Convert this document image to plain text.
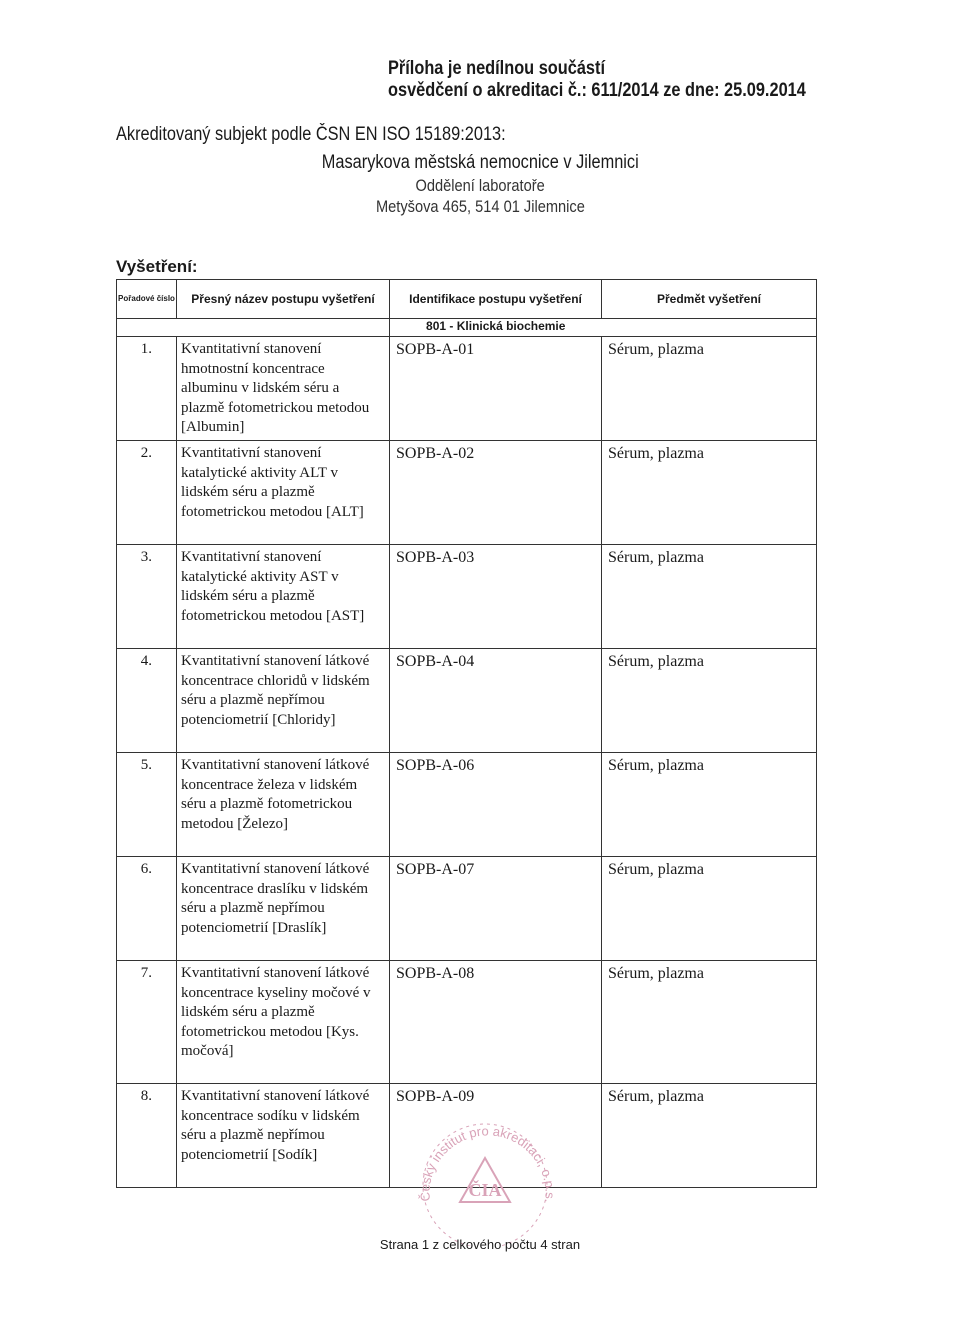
Příloha je nedílnou součástí
osvědčení o akreditaci č.: 611/2014 ze dne: 25.09.2014
Akreditovaný subjekt podle ČSN EN ISO 15189:2013:
Masarykova městská nemocnice v Jilemnici
Oddělení laboratoře
Metyšova 465, 514 01 Jilemnice
Vyšetření:
Pořadové číslo	Přesný název postupu vyšetření	Identifikace postupu vyšetření	Předmět vyšetření
		801 - Klinická biochemie	
1.	Kvantitativní stanovení hmotnostní koncentrace albuminu v lidském séru a plazmě fotometrickou metodou [Albumin]	SOPB-A-01	Sérum, plazma
2.	Kvantitativní stanovení katalytické aktivity ALT v lidském séru a plazmě fotometrickou metodou [ALT]	SOPB-A-02	Sérum, plazma
3.	Kvantitativní stanovení katalytické aktivity AST v lidském séru a plazmě fotometrickou metodou [AST]	SOPB-A-03	Sérum, plazma
4.	Kvantitativní stanovení látkové koncentrace chloridů v lidském séru a plazmě nepřímou potenciometrií [Chloridy]	SOPB-A-04	Sérum, plazma
5.	Kvantitativní stanovení látkové koncentrace železa v lidském séru a plazmě fotometrickou metodou [Železo]	SOPB-A-06	Sérum, plazma
6.	Kvantitativní stanovení látkové koncentrace draslíku v lidském séru a plazmě nepřímou potenciometrií [Draslík]	SOPB-A-07	Sérum, plazma
7.	Kvantitativní stanovení látkové koncentrace kyseliny močové v lidském séru a plazmě fotometrickou metodou [Kys. močová]	SOPB-A-08	Sérum, plazma
8.	Kvantitativní stanovení látkové koncentrace sodíku v lidském séru a plazmě nepřímou potenciometrií [Sodík]	SOPB-A-09	Sérum, plazma
Český institut pro akreditaci, o.p.s.
ČIA
Strana 1 z celkového počtu 4 stran
